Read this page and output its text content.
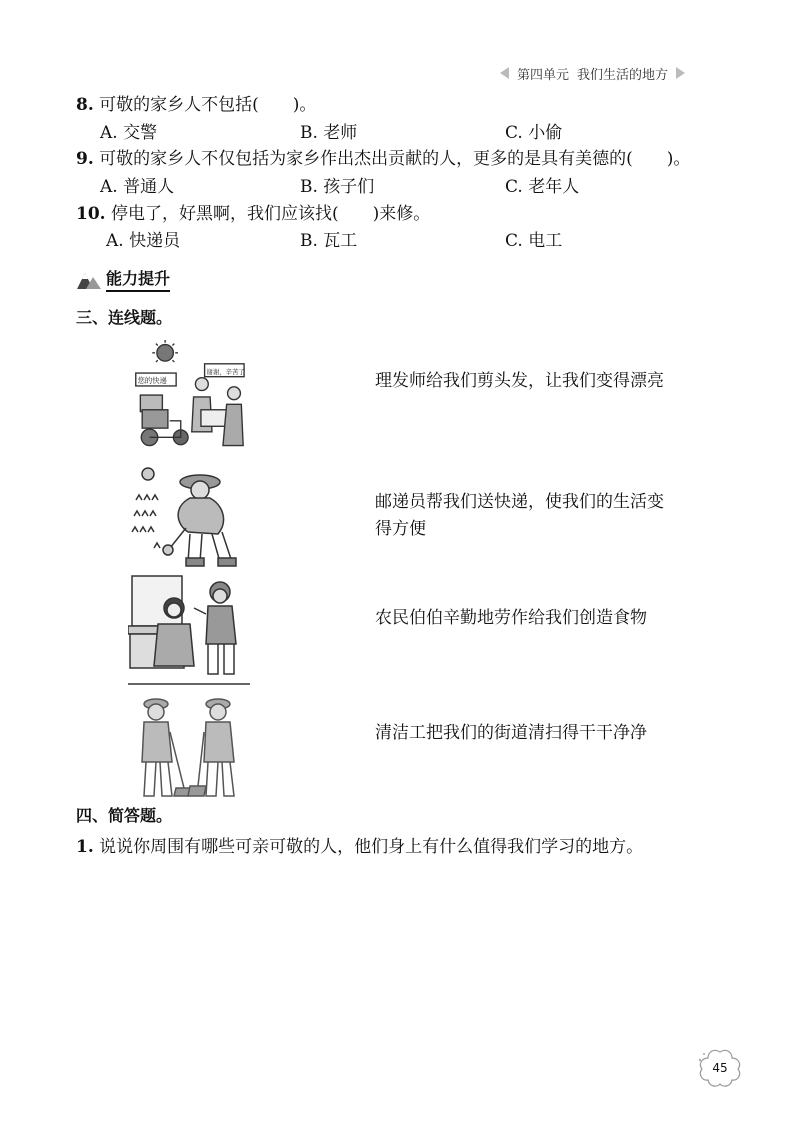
第四单元 我们生活的地方
8. 可敬的家乡人不包括(　　)。
A. 交警	B. 老师	C. 小偷
9. 可敬的家乡人不仅包括为家乡作出杰出贡献的人，更多的是具有美德的(　　)。
A. 普通人	B. 孩子们	C. 老年人
10. 停电了，好黑啊，我们应该找(　　)来修。
A. 快递员	B. 瓦工	C. 电工
能力提升
三、连线题。
您的快递
谢谢，辛苦了	理发师给我们剪头发，让我们变得漂亮
邮递员帮我们送快递，使我们的生活变得方便
农民伯伯辛勤地劳作给我们创造食物
清洁工把我们的街道清扫得干干净净
四、简答题。
1. 说说你周围有哪些可亲可敬的人，他们身上有什么值得我们学习的地方。
45
